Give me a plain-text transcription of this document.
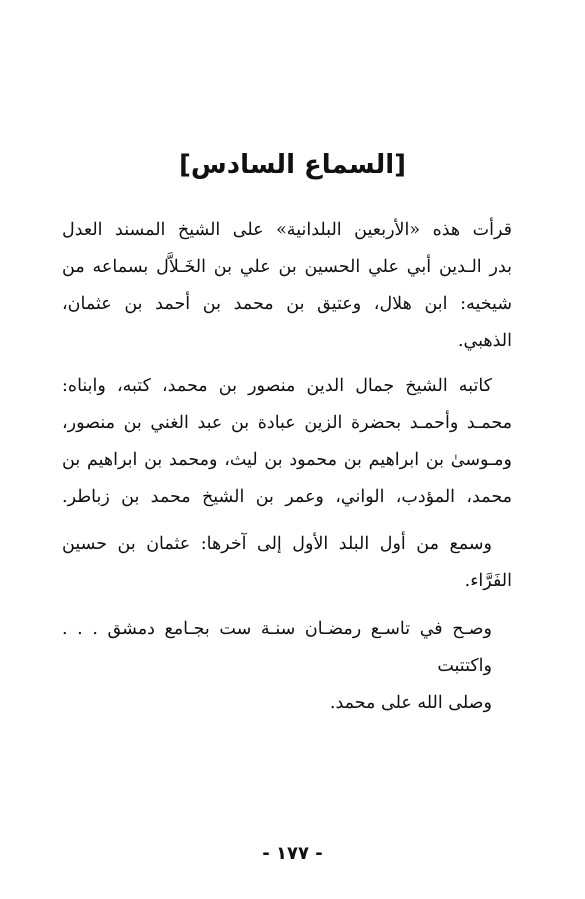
[السماع السادس]
قرأت هذه «الأربعين البلدانية» على الشيخ المسند العدل
بدر الـدين أبي علي الحسين بن علي بن الخَـلاَّل بسماعه من
شيخيه: ابن هلال، وعتيق بن محمد بن أحمد بن عثمان،
الذهبي.
كاتبه الشيخ جمال الدين منصور بن محمد، كتبه، وابناه:
محمـد وأحمـد بحضرة الزين عبادة بن عبد الغني بن منصور،
ومـوسىٰ بن ابراهيم بن محمود بن ليث، ومحمد بن ابراهيم بن
محمد، المؤدب، الواني، وعمر بن الشيخ محمد بن زباطر.
وسمع من أول البلد الأول إلى آخرها: عثمان بن حسين
الفَرَّاء.
وصـح في تاسـع رمضـان سنـة ست بجـامع دمشق . . .
واكتتبت
وصلى الله على محمد.
- ١٧٧ -
